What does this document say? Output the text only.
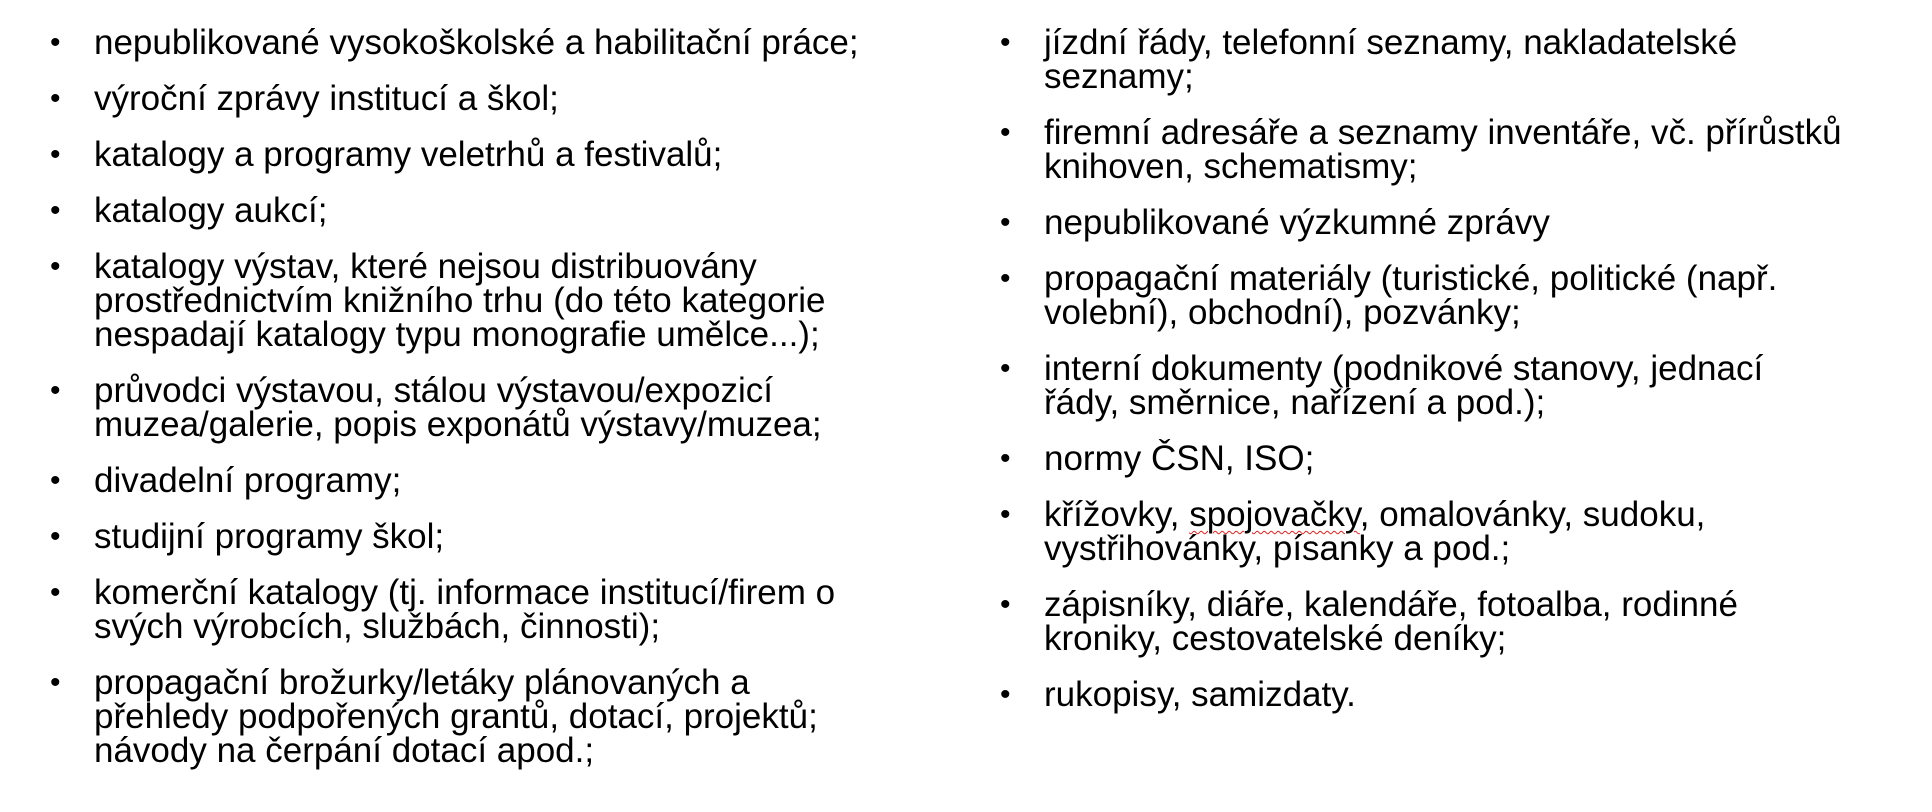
• nepublikované vysokoškolské a habilitační práce;
• výroční zprávy institucí a škol;
• katalogy a programy veletrhů a festivalů;
• katalogy aukcí;
• katalogy výstav, které nejsou distribuovány
prostřednictvím knižního trhu (do této kategorie
nespadají katalogy typu monografie umělce...);
• průvodci výstavou, stálou výstavou/expozicí
muzea/galerie, popis exponátů výstavy/muzea;
• divadelní programy;
• studijní programy škol;
• komerční katalogy (tj. informace institucí/firem o
svých výrobcích, službách, činnosti);
• propagační brožurky/letáky plánovaných a
přehledy podpořených grantů, dotací, projektů;
návody na čerpání dotací apod.;
• jízdní řády, telefonní seznamy, nakladatelské
seznamy;
• firemní adresáře a seznamy inventáře, vč. přírůstků
knihoven, schematismy;
• nepublikované výzkumné zprávy
• propagační materiály (turistické, politické (např.
volební), obchodní), pozvánky;
• interní dokumenty (podnikové stanovy, jednací
řády, směrnice, nařízení a pod.);
• normy ČSN, ISO;
• křížovky, spojovačky, omalovánky, sudoku,
vystřihovánky, písanky a pod.;
• zápisníky, diáře, kalendáře, fotoalba, rodinné
kroniky, cestovatelské deníky;
• rukopisy, samizdaty.
